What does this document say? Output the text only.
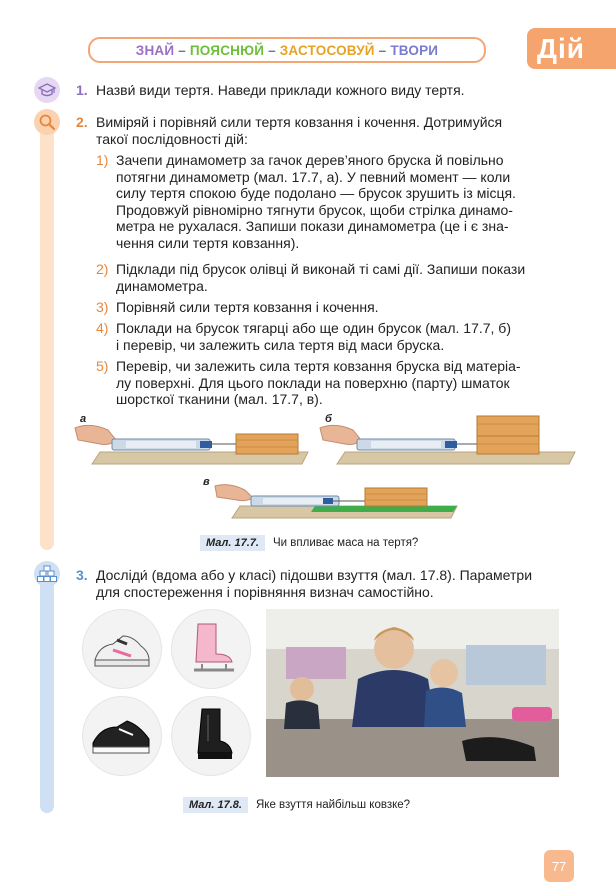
ЗНАЙ – ПОЯСНЮЙ – ЗАСТОСОВУЙ – ТВОРИ	Дій
1. Назви́ види тертя. Наведи приклади кожного виду тертя.
2. Виміряй і порівняй сили тертя ковзання і кочення. Дотримуйся
такої послідовності дій:
1) Зачепи динамометр за гачок дерев’яного бруска й повільно
потягни динамометр (мал. 17.7, а). У певний момент — коли
силу тертя спокою буде подолано — брусок зрушить із місця.
Продовжуй рівномірно тягнути брусок, щоби стрілка динамо-
метра не рухалася. Запиши покази динамометра (це і є зна-
чення сили тертя ковзання).
2) Підклади під брусок олівці й виконай ті самі дії. Запиши покази
динамометра.
3) Порівняй сили тертя ковзання і кочення.
4) Поклади на брусок тягарці або ще один брусок (мал. 17.7, б)
і перевір, чи залежить сила тертя від маси бруска.
5) Перевір, чи залежить сила тертя ковзання бруска від матеріа-
лу поверхні. Для цього поклади на поверхню (парту) шматок
шорсткої тканини (мал. 17.7, в).
а	б
в
Мал. 17.7.	Чи впливає маса на тертя?
3. Досліди́ (вдома або у класі) підошви взуття (мал. 17.8). Параметри
для спостереження і порівняння визнач самостійно.
Мал. 17.8.	Яке взуття найбільш ковзке?
77
